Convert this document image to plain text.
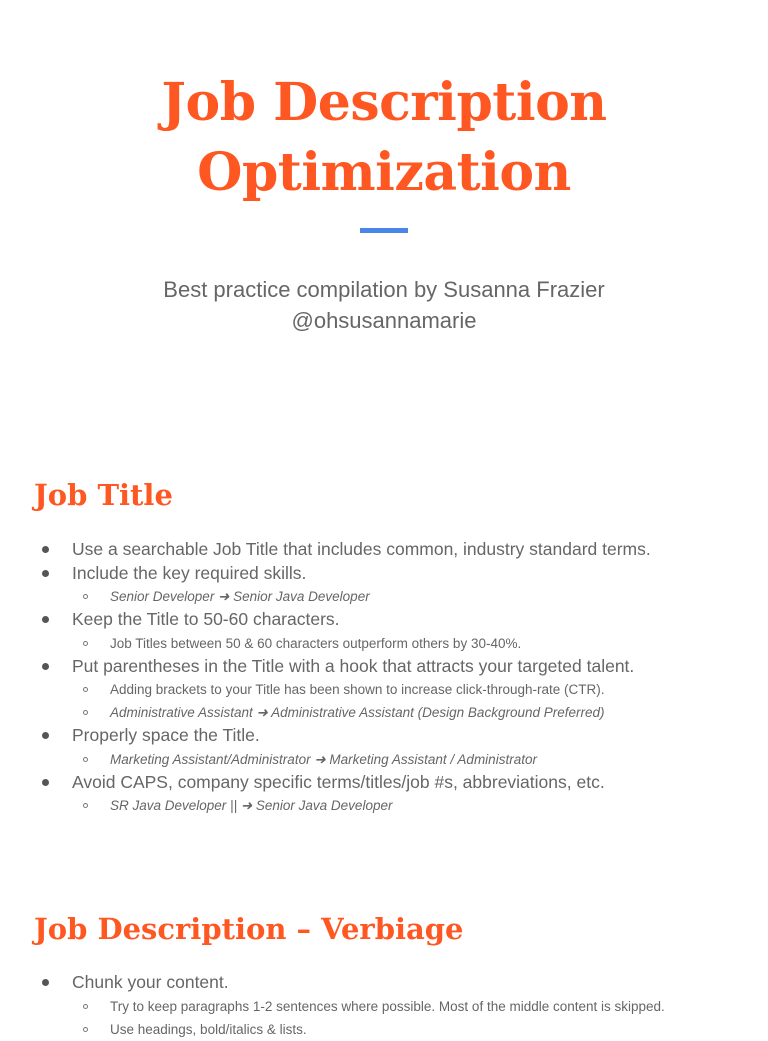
Job Description
Optimization
Best practice compilation by Susanna Frazier
@ohsusannamarie
Job Title
Use a searchable Job Title that includes common, industry standard terms.
Include the key required skills.
Senior Developer ➜ Senior Java Developer
Keep the Title to 50-60 characters.
Job Titles between 50 & 60 characters outperform others by 30-40%.
Put parentheses in the Title with a hook that attracts your targeted talent.
Adding brackets to your Title has been shown to increase click-through-rate (CTR).
Administrative Assistant ➜ Administrative Assistant (Design Background Preferred)
Properly space the Title.
Marketing Assistant/Administrator ➜ Marketing Assistant / Administrator
Avoid CAPS, company specific terms/titles/job #s, abbreviations, etc.
SR Java Developer || ➜ Senior Java Developer
Job Description – Verbiage
Chunk your content.
Try to keep paragraphs 1-2 sentences where possible. Most of the middle content is skipped.
Use headings, bold/italics & lists.
